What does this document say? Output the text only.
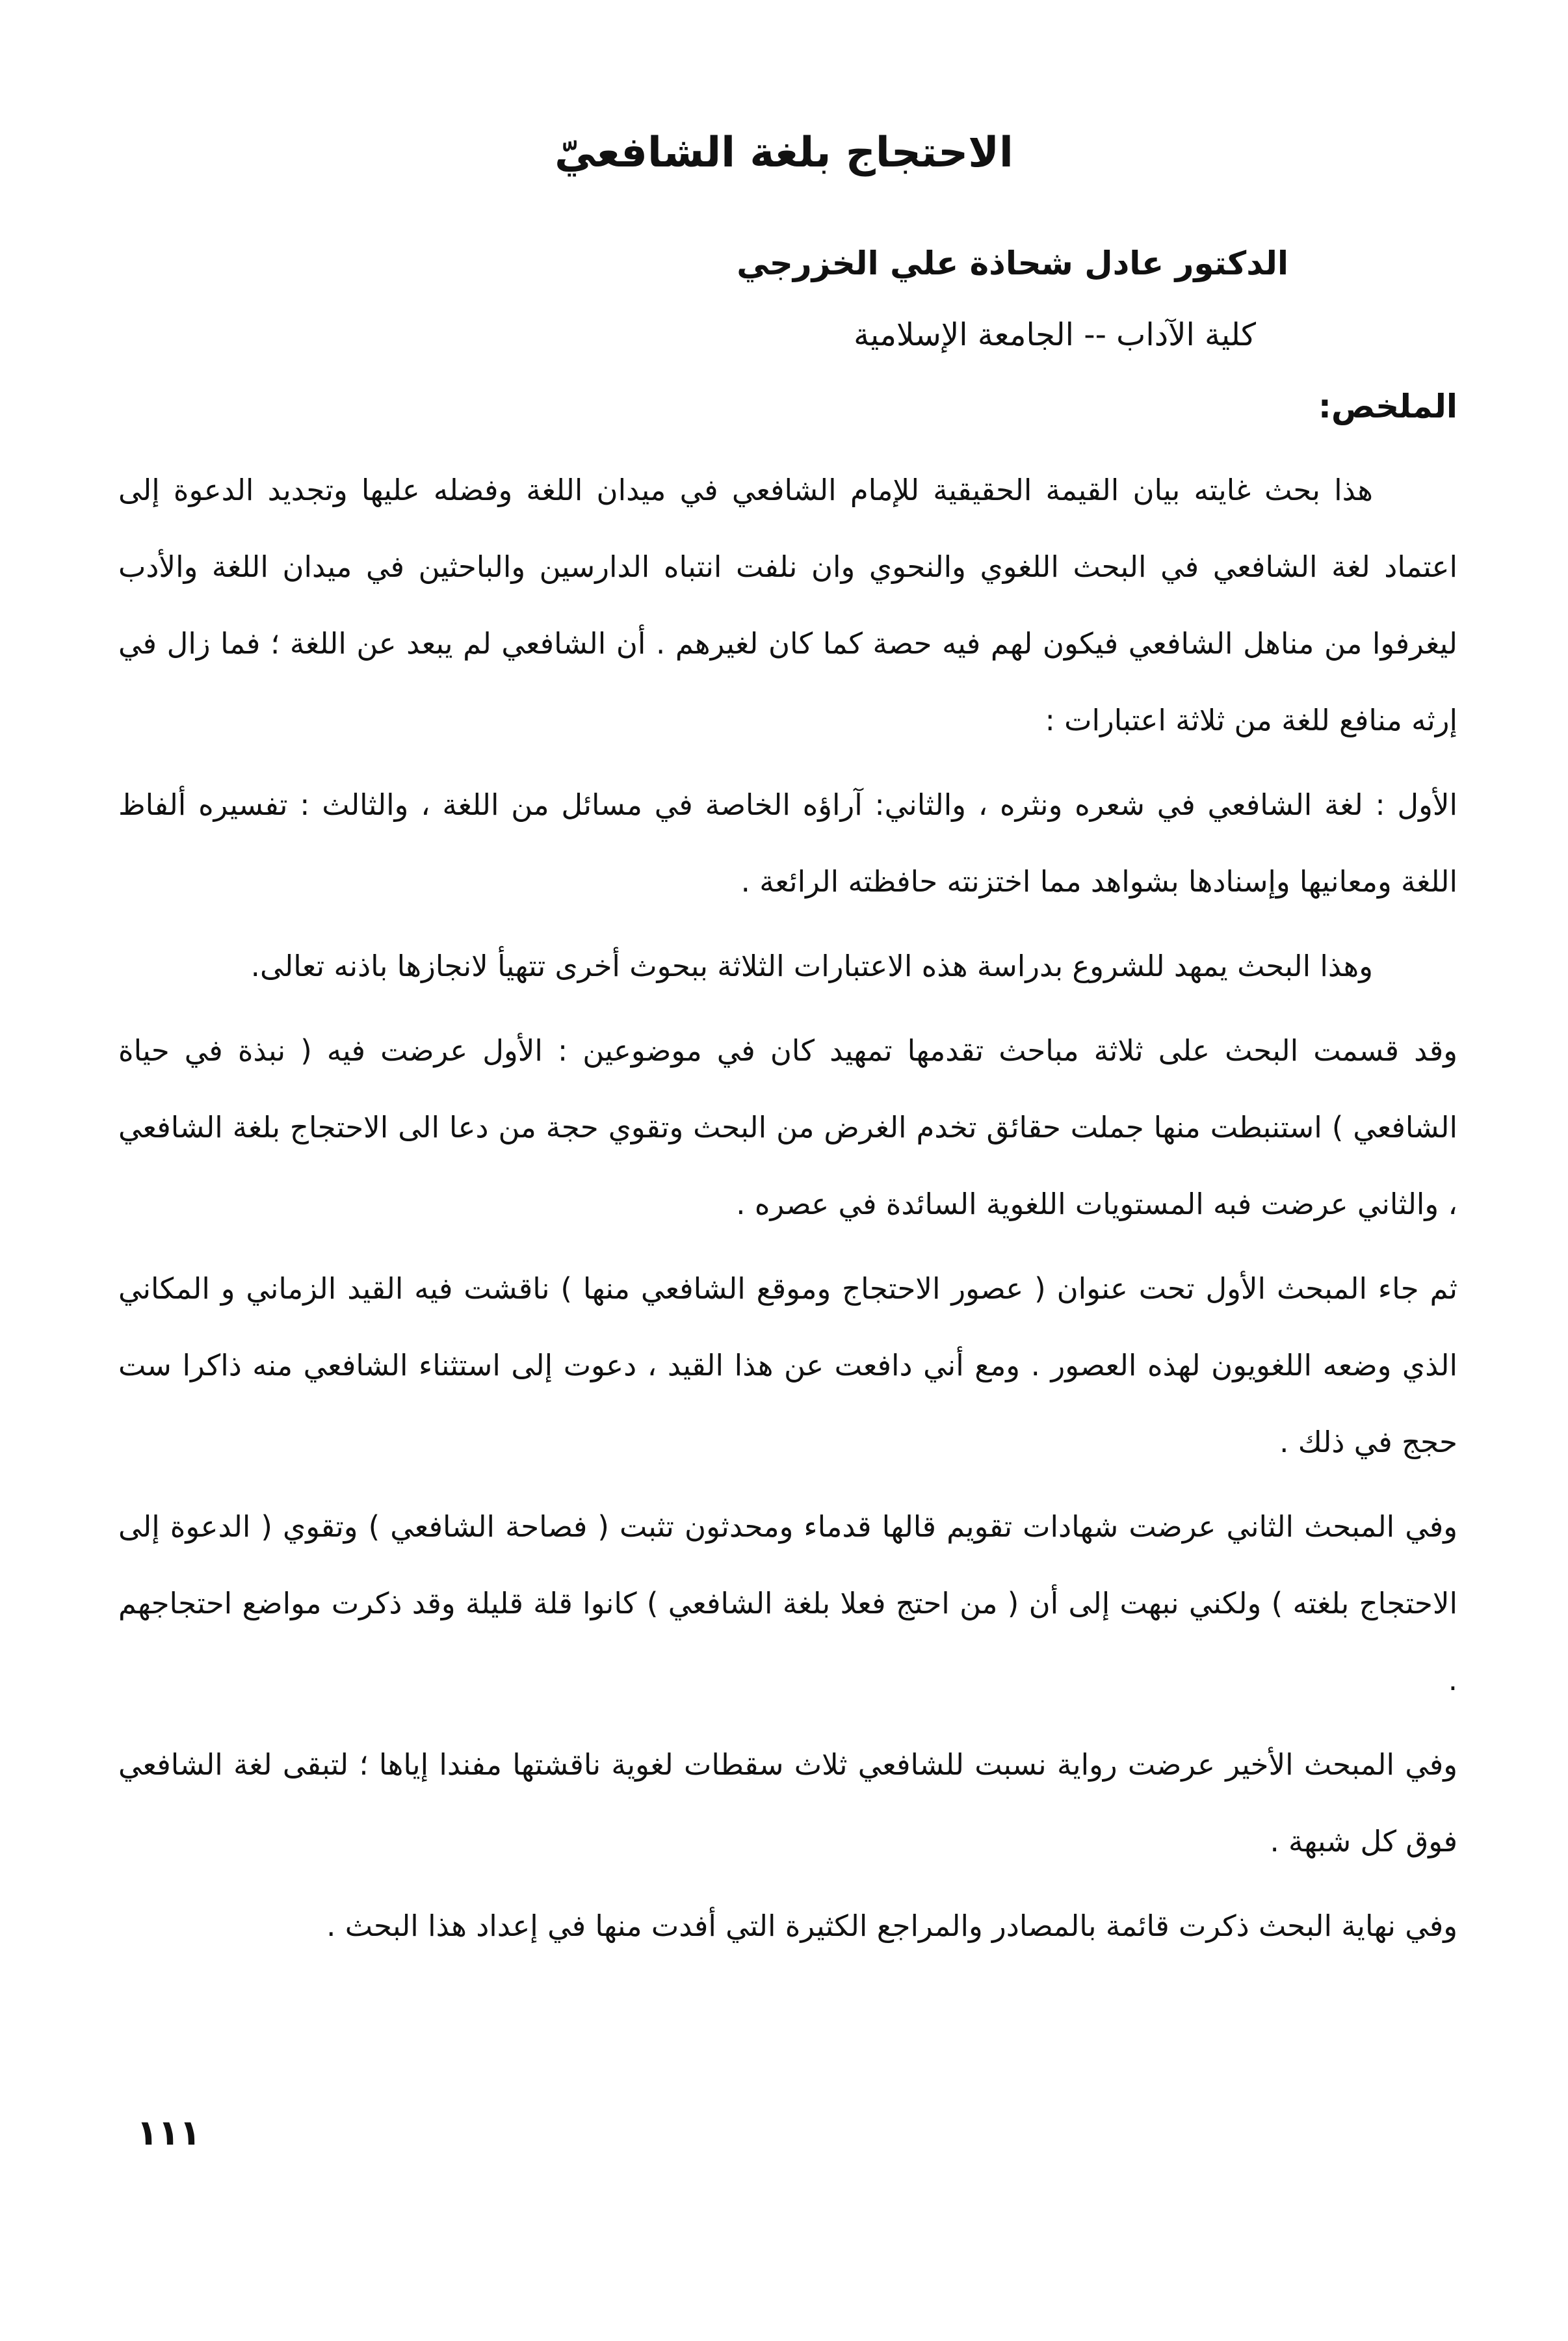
الاحتجاج بلغة الشافعيّ
الدكتور عادل شحاذة علي الخزرجي
كلية الآداب -- الجامعة الإسلامية
الملخص:

هذا بحث غايته بيان القيمة الحقيقية للإمام الشافعي في ميدان اللغة وفضله عليها وتجديد الدعوة إلى اعتماد لغة الشافعي في البحث اللغوي والنحوي وان نلفت انتباه الدارسين والباحثين في ميدان اللغة والأدب ليغرفوا من مناهل الشافعي فيكون لهم فيه حصة كما كان لغيرهم . أن الشافعي لم يبعد عن اللغة ؛ فما زال في إرثه منافع للغة من ثلاثة اعتبارات :

الأول : لغة الشافعي في شعره ونثره ، والثاني: آراؤه الخاصة في مسائل من اللغة ، والثالث : تفسيره ألفاظ اللغة ومعانيها وإسنادها بشواهد مما اختزنته حافظته الرائعة .

وهذا البحث يمهد للشروع بدراسة هذه الاعتبارات الثلاثة ببحوث أخرى تتهيأ لانجازها باذنه تعالى.

وقد قسمت البحث على ثلاثة مباحث تقدمها تمهيد كان في موضوعين : الأول عرضت فيه ( نبذة في حياة الشافعي ) استنبطت منها جملت حقائق تخدم الغرض من البحث وتقوي حجة من دعا الى الاحتجاج بلغة الشافعي ، والثاني عرضت فبه المستويات اللغوية السائدة في عصره .

ثم جاء المبحث الأول تحت عنوان ( عصور الاحتجاج وموقع الشافعي منها ) ناقشت فيه القيد الزماني و المكاني الذي وضعه اللغويون لهذه العصور . ومع أني دافعت عن هذا القيد ، دعوت إلى استثناء الشافعي منه ذاكرا ست حجج في ذلك .

وفي المبحث الثاني عرضت شهادات تقويم قالها قدماء ومحدثون تثبت ( فصاحة الشافعي ) وتقوي ( الدعوة إلى الاحتجاج بلغته ) ولكني نبهت إلى أن ( من احتج فعلا بلغة الشافعي ) كانوا قلة قليلة وقد ذكرت مواضع احتجاجهم .

وفي المبحث الأخير عرضت رواية نسبت للشافعي ثلاث سقطات لغوية ناقشتها مفندا إياها ؛ لتبقى لغة الشافعي فوق كل شبهة .

وفي نهاية البحث ذكرت قائمة بالمصادر والمراجع الكثيرة التي أفدت منها في إعداد هذا البحث .

١١١
